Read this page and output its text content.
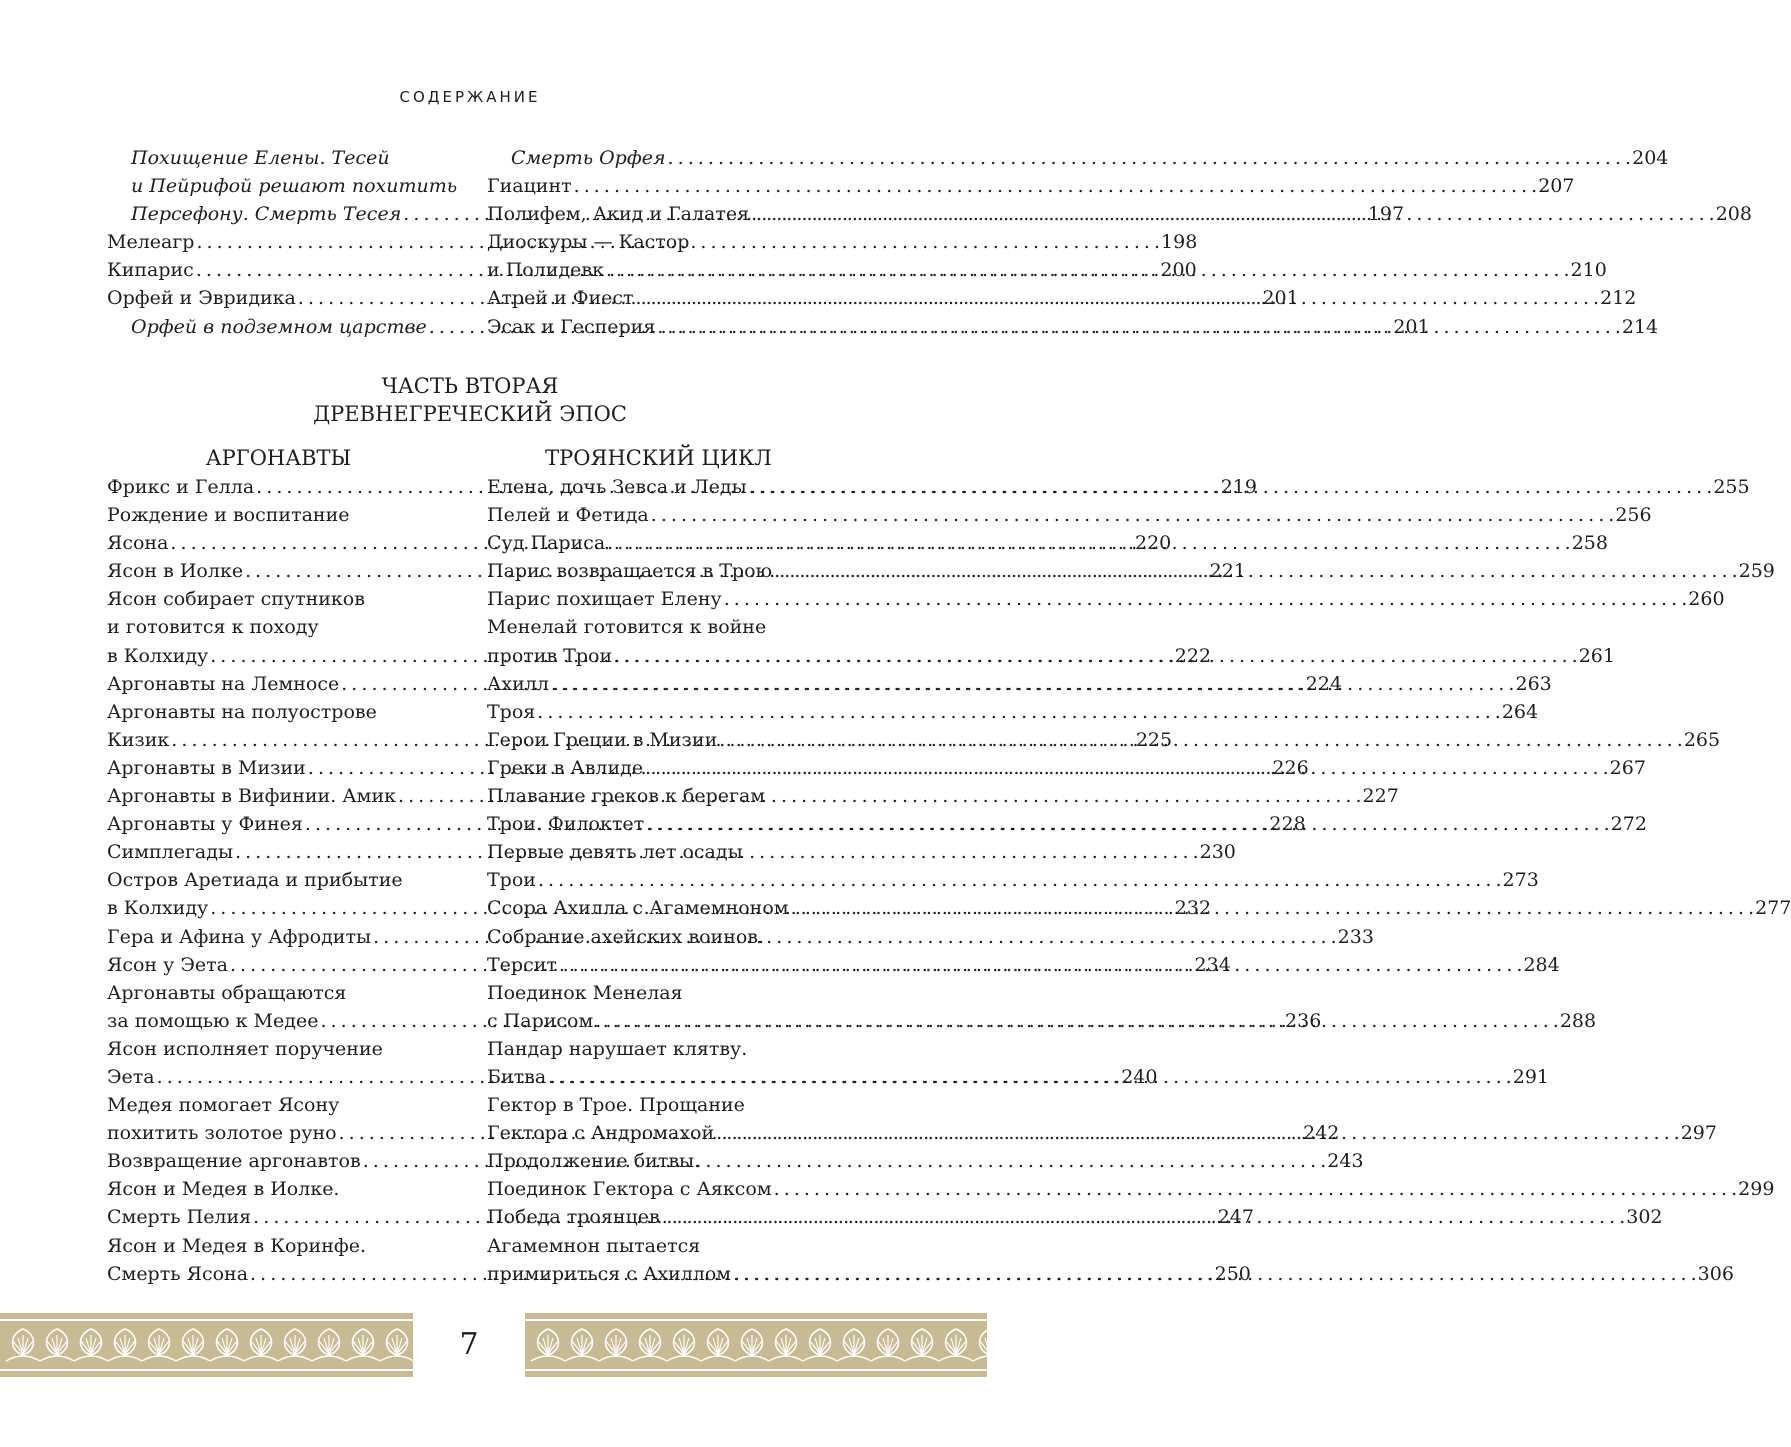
СОДЕРЖАНИЕ
Похищение Елены. Тесей
и Пейрифой решают похитить
Персефону. Смерть Тесея . . .	197
Мелеагр . . .	198
Кипарис . . .	200
Орфей и Эвридика . . .	201
Орфей в подземном царстве . . .	201
Смерть Орфея . . .	204
Гиацинт . . .	207
Полифем, Акид и Галатея . . .	208
Диоскуры — Кастор
и Полидевк . . .	210
Атрей и Фиест . . .	212
Эсак и Гесперия . . .	214
ЧАСТЬ ВТОРАЯ
ДРЕВНЕГРЕЧЕСКИЙ ЭПОС
АРГОНАВТЫ
Фрикс и Гелла . . .	219
Рождение и воспитание
Ясона . . .	220
Ясон в Иолке . . .	221
Ясон собирает спутников
и готовится к походу
в Колхиду . . .	222
Аргонавты на Лемносе . . .	224
Аргонавты на полуострове
Кизик . . .	225
Аргонавты в Мизии . . .	226
Аргонавты в Вифинии. Амик . . .	227
Аргонавты у Финея . . .	228
Симплегады . . .	230
Остров Аретиада и прибытие
в Колхиду . . .	232
Гера и Афина у Афродиты . . .	233
Ясон у Эета . . .	234
Аргонавты обращаются
за помощью к Медее . . .	236
Ясон исполняет поручение
Эета . . .	240
Медея помогает Ясону
похитить золотое руно . . .	242
Возвращение аргонавтов . . .	243
Ясон и Медея в Иолке.
Смерть Пелия . . .	247
Ясон и Медея в Коринфе.
Смерть Ясона . . .	250
ТРОЯНСКИЙ ЦИКЛ
Елена, дочь Зевса и Леды . . .	255
Пелей и Фетида . . .	256
Суд Париса . . .	258
Парис возвращается в Трою . . .	259
Парис похищает Елену . . .	260
Менелай готовится к войне
против Трои . . .	261
Ахилл . . .	263
Троя . . .	264
Герои Греции в Мизии . . .	265
Греки в Авлиде . . .	267
Плавание греков к берегам
Трои. Филоктет . . .	272
Первые девять лет осады
Трои . . .	273
Ссора Ахилла с Агамемноном . . .	277
Собрание ахейских воинов.
Терсит . . .	284
Поединок Менелая
с Парисом . . .	288
Пандар нарушает клятву.
Битва . . .	291
Гектор в Трое. Прощание
Гектора с Андромахой . . .	297
Продолжение битвы.
Поединок Гектора с Аяксом . . .	299
Победа троянцев . . .	302
Агамемнон пытается
примириться с Ахиллом . . .	306
7
